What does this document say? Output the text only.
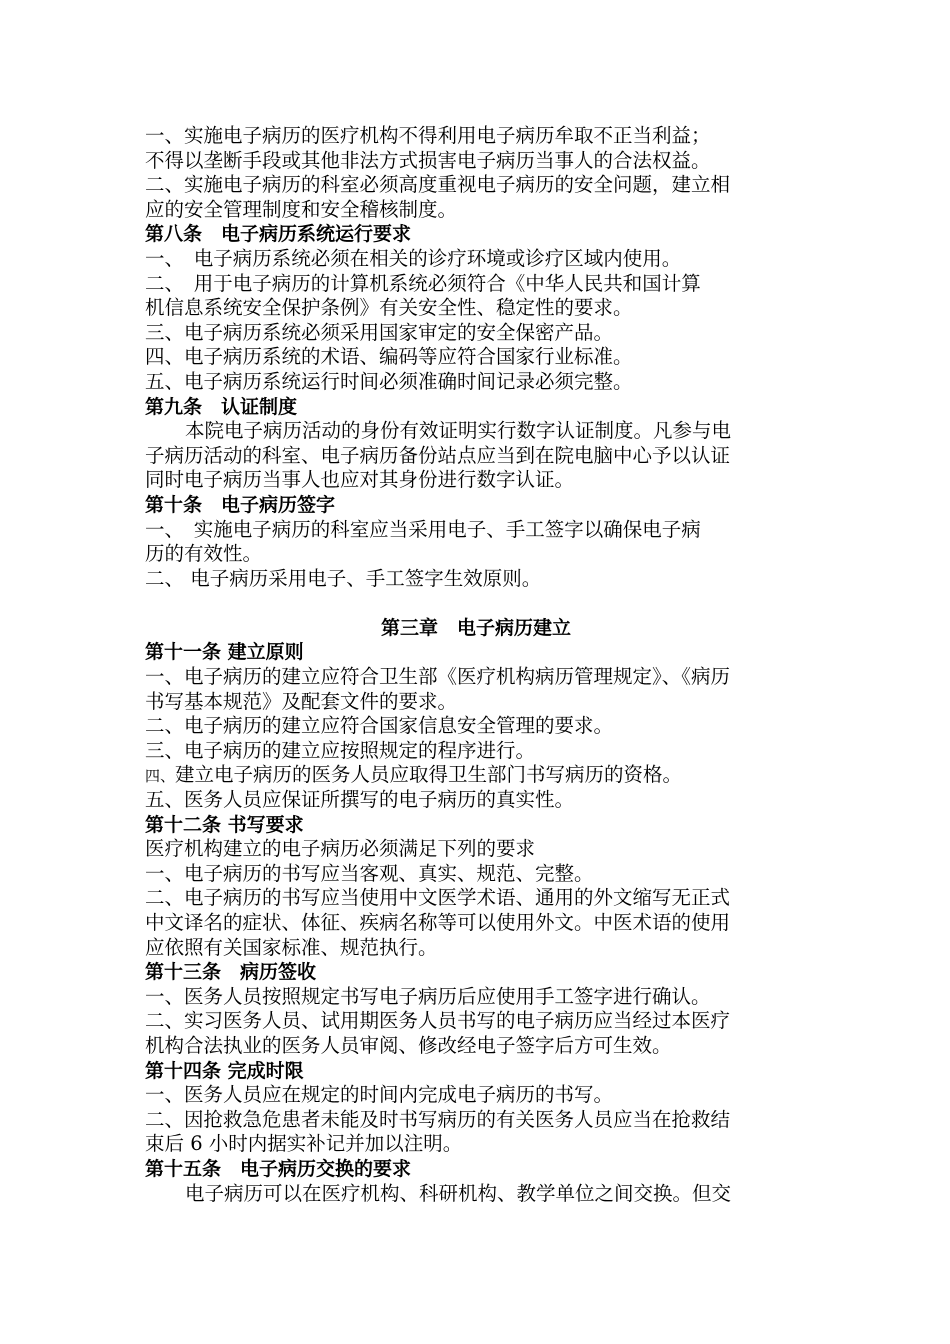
一、实施电子病历的医疗机构不得利用电子病历牟取不正当利益；
不得以垄断手段或其他非法方式损害电子病历当事人的合法权益。
二、实施电子病历的科室必须高度重视电子病历的安全问题，建立相
应的安全管理制度和安全稽核制度。
第八条　电子病历系统运行要求
一、　电子病历系统必须在相关的诊疗环境或诊疗区域内使用。
二、　用于电子病历的计算机系统必须符合《中华人民共和国计算
机信息系统安全保护条例》有关安全性、稳定性的要求。
三、电子病历系统必须采用国家审定的安全保密产品。
四、电子病历系统的术语、编码等应符合国家行业标准。
五、电子病历系统运行时间必须准确时间记录必须完整。
第九条　认证制度
本院电子病历活动的身份有效证明实行数字认证制度。凡参与电
子病历活动的科室、电子病历备份站点应当到在院电脑中心予以认证
同时电子病历当事人也应对其身份进行数字认证。
第十条　电子病历签字
一、　实施电子病历的科室应当采用电子、手工签字以确保电子病
历的有效性。
二、 电子病历采用电子、手工签字生效原则。
第三章　电子病历建立
第十一条 建立原则
一、电子病历的建立应符合卫生部《医疗机构病历管理规定》、《病历
书写基本规范》及配套文件的要求。
二、电子病历的建立应符合国家信息安全管理的要求。
三、电子病历的建立应按照规定的程序进行。
四、建立电子病历的医务人员应取得卫生部门书写病历的资格。
五、医务人员应保证所撰写的电子病历的真实性。
第十二条 书写要求
医疗机构建立的电子病历必须满足下列的要求
一、电子病历的书写应当客观、真实、规范、完整。
二、电子病历的书写应当使用中文医学术语、通用的外文缩写无正式
中文译名的症状、体征、疾病名称等可以使用外文。中医术语的使用
应依照有关国家标准、规范执行。
第十三条　病历签收
一、医务人员按照规定书写电子病历后应使用手工签字进行确认。
二、实习医务人员、试用期医务人员书写的电子病历应当经过本医疗
机构合法执业的医务人员审阅、修改经电子签字后方可生效。
第十四条 完成时限
一、医务人员应在规定的时间内完成电子病历的书写。
二、因抢救急危患者未能及时书写病历的有关医务人员应当在抢救结
束后 6 小时内据实补记并加以注明。
第十五条　电子病历交换的要求
电子病历可以在医疗机构、科研机构、教学单位之间交换。但交
